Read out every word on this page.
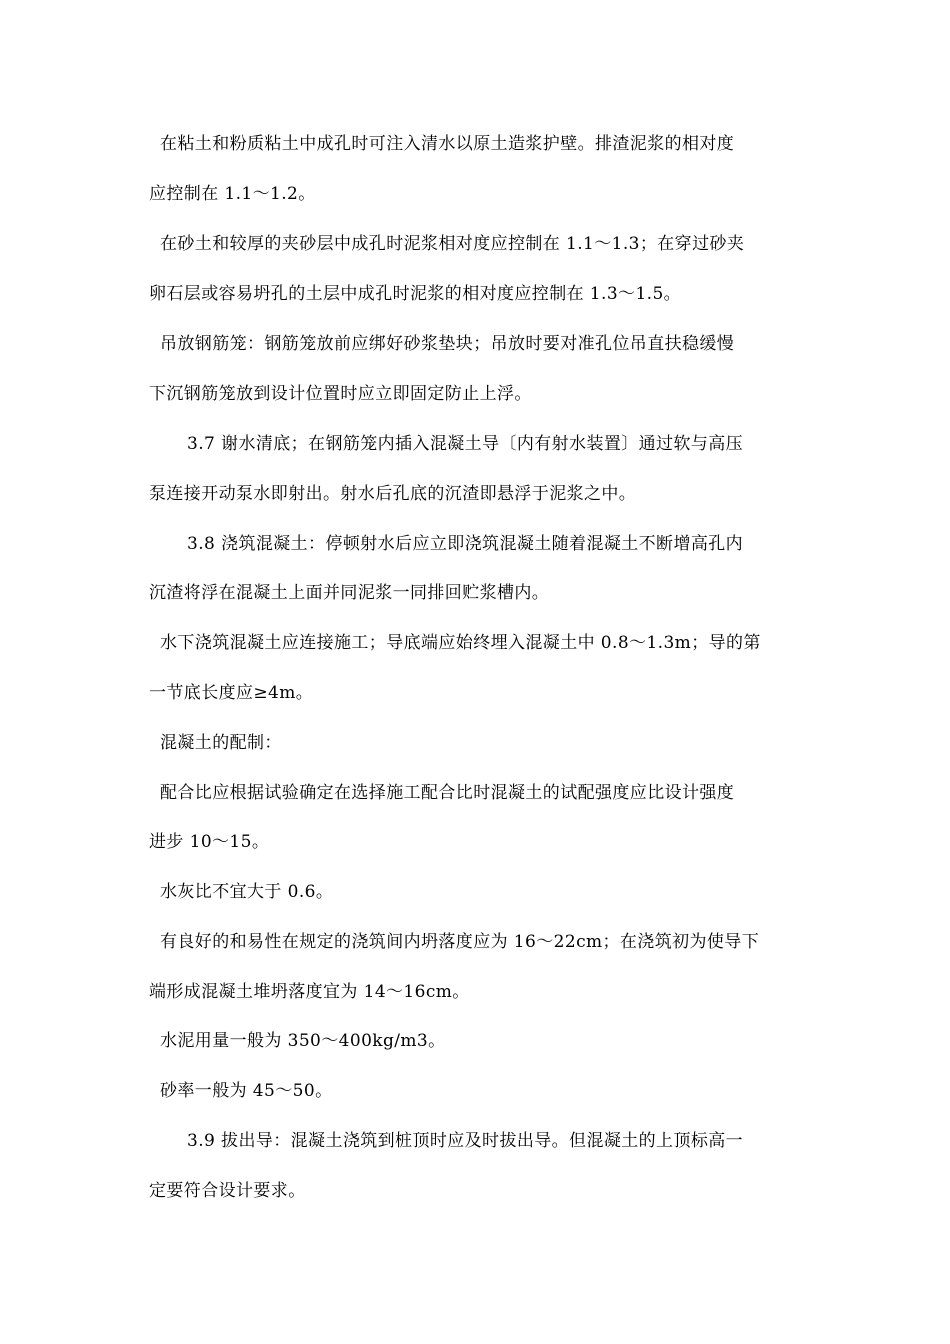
在粘土和粉质粘土中成孔时可注入清水以原土造浆护壁。排渣泥浆的相对度
应控制在 1.1～1.2。
在砂土和较厚的夹砂层中成孔时泥浆相对度应控制在 1.1～1.3；在穿过砂夹
卵石层或容易坍孔的土层中成孔时泥浆的相对度应控制在 1.3～1.5。
吊放钢筋笼：钢筋笼放前应绑好砂浆垫块；吊放时要对准孔位吊直扶稳缓慢
下沉钢筋笼放到设计位置时应立即固定防止上浮。
3.7 谢水清底；在钢筋笼内插入混凝土导〔内有射水装置〕通过软与高压
泵连接开动泵水即射出。射水后孔底的沉渣即悬浮于泥浆之中。
3.8 浇筑混凝土：停顿射水后应立即浇筑混凝土随着混凝土不断增高孔内
沉渣将浮在混凝土上面并同泥浆一同排回贮浆槽内。
水下浇筑混凝土应连接施工；导底端应始终埋入混凝土中 0.8～1.3m；导的第
一节底长度应≥4m。
混凝土的配制：
配合比应根据试验确定在选择施工配合比时混凝土的试配强度应比设计强度
进步 10～15。
水灰比不宜大于 0.6。
有良好的和易性在规定的浇筑间内坍落度应为 16～22cm；在浇筑初为使导下
端形成混凝土堆坍落度宜为 14～16cm。
水泥用量一般为 350～400kg/m3。
砂率一般为 45～50。
3.9 拔出导：混凝土浇筑到桩顶时应及时拔出导。但混凝土的上顶标高一
定要符合设计要求。
